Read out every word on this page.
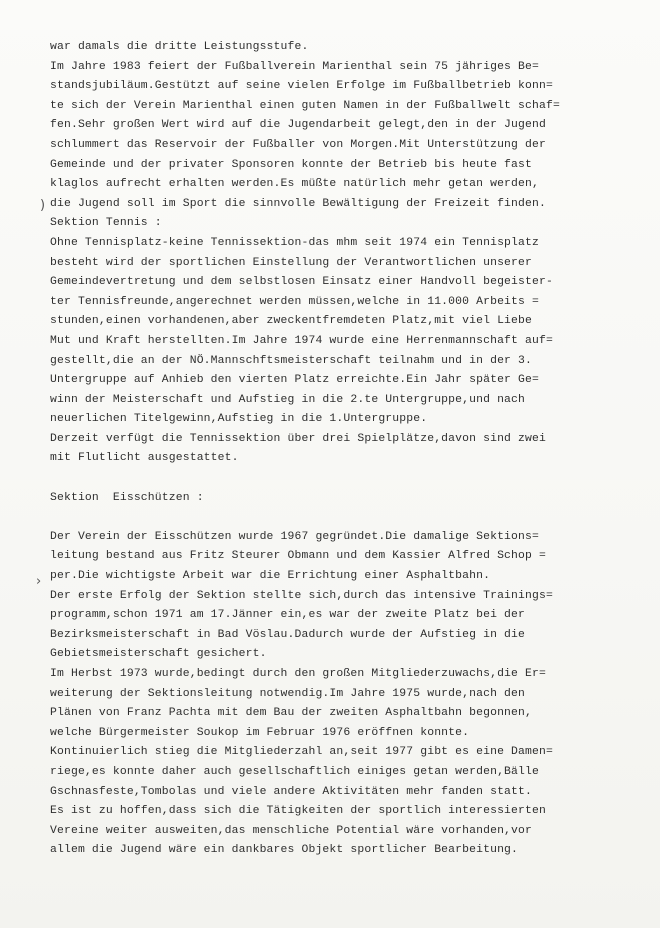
)
›
war damals die dritte Leistungsstufe.
Im Jahre 1983 feiert der Fußballverein Marienthal sein 75 jähriges Be=
standsjubiläum.Gestützt auf seine vielen Erfolge im Fußballbetrieb konn=
te sich der Verein Marienthal einen guten Namen in der Fußballwelt schaf=
fen.Sehr großen Wert wird auf die Jugendarbeit gelegt,den in der Jugend
schlummert das Reservoir der Fußballer von Morgen.Mit Unterstützung der
Gemeinde und der privater Sponsoren konnte der Betrieb bis heute fast
klaglos aufrecht erhalten werden.Es müßte natürlich mehr getan werden,
die Jugend soll im Sport die sinnvolle Bewältigung der Freizeit finden.
Sektion Tennis :
Ohne Tennisplatz-keine Tennissektion-das mhm seit 1974 ein Tennisplatz
besteht wird der sportlichen Einstellung der Verantwortlichen unserer
Gemeindevertretung und dem selbstlosen Einsatz einer Handvoll begeister-
ter Tennisfreunde,angerechnet werden müssen,welche in 11.000 Arbeits =
stunden,einen vorhandenen,aber zweckentfremdeten Platz,mit viel Liebe
Mut und Kraft herstellten.Im Jahre 1974 wurde eine Herrenmannschaft auf=
gestellt,die an der NÖ.Mannschftsmeisterschaft teilnahm und in der 3.
Untergruppe auf Anhieb den vierten Platz erreichte.Ein Jahr später Ge=
winn der Meisterschaft und Aufstieg in die 2.te Untergruppe,und nach
neuerlichen Titelgewinn,Aufstieg in die 1.Untergruppe.
Derzeit verfügt die Tennissektion über drei Spielplätze,davon sind zwei
mit Flutlicht ausgestattet.
Sektion  Eisschützen :
Der Verein der Eisschützen wurde 1967 gegründet.Die damalige Sektions=
leitung bestand aus Fritz Steurer Obmann und dem Kassier Alfred Schop =
per.Die wichtigste Arbeit war die Errichtung einer Asphaltbahn.
Der erste Erfolg der Sektion stellte sich,durch das intensive Trainings=
programm,schon 1971 am 17.Jänner ein,es war der zweite Platz bei der
Bezirksmeisterschaft in Bad Vöslau.Dadurch wurde der Aufstieg in die
Gebietsmeisterschaft gesichert.
Im Herbst 1973 wurde,bedingt durch den großen Mitgliederzuwachs,die Er=
weiterung der Sektionsleitung notwendig.Im Jahre 1975 wurde,nach den
Plänen von Franz Pachta mit dem Bau der zweiten Asphaltbahn begonnen,
welche Bürgermeister Soukop im Februar 1976 eröffnen konnte.
Kontinuierlich stieg die Mitgliederzahl an,seit 1977 gibt es eine Damen=
riege,es konnte daher auch gesellschaftlich einiges getan werden,Bälle
Gschnasfeste,Tombolas und viele andere Aktivitäten mehr fanden statt.
Es ist zu hoffen,dass sich die Tätigkeiten der sportlich interessierten
Vereine weiter ausweiten,das menschliche Potential wäre vorhanden,vor
allem die Jugend wäre ein dankbares Objekt sportlicher Bearbeitung.
